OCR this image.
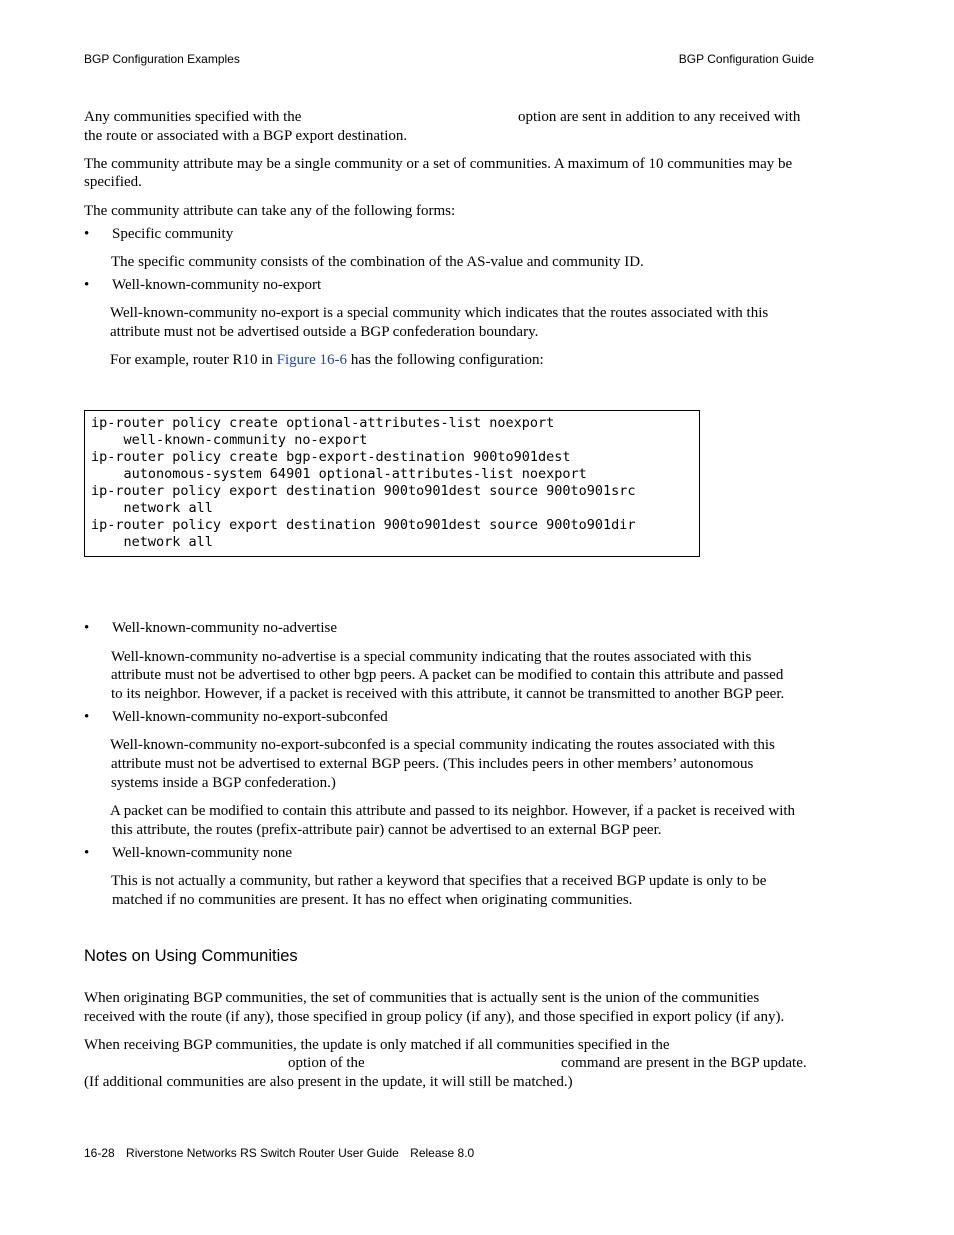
BGP Configuration Examples	BGP Configuration Guide
Any communities specified with the	option are sent in addition to any received with
the route or associated with a BGP export destination.
The community attribute may be a single community or a set of communities. A maximum of 10 communities may be
specified.
The community attribute can take any of the following forms:
• Specific community
The specific community consists of the combination of the AS-value and community ID.
• Well-known-community no-export
Well-known-community no-export is a special community which indicates that the routes associated with this
attribute must not be advertised outside a BGP confederation boundary.
For example, router R10 in Figure 16-6 has the following configuration:
ip-router policy create optional-attributes-list noexport
well-known-community no-export
ip-router policy create bgp-export-destination 900to901dest
autonomous-system 64901 optional-attributes-list noexport
ip-router policy export destination 900to901dest source 900to901src
network all
ip-router policy export destination 900to901dest source 900to901dir
network all
• Well-known-community no-advertise
Well-known-community no-advertise is a special community indicating that the routes associated with this
attribute must not be advertised to other bgp peers. A packet can be modified to contain this attribute and passed
to its neighbor. However, if a packet is received with this attribute, it cannot be transmitted to another BGP peer.
• Well-known-community no-export-subconfed
Well-known-community no-export-subconfed is a special community indicating the routes associated with this
attribute must not be advertised to external BGP peers. (This includes peers in other members’ autonomous
systems inside a BGP confederation.)
A packet can be modified to contain this attribute and passed to its neighbor. However, if a packet is received with
this attribute, the routes (prefix-attribute pair) cannot be advertised to an external BGP peer.
• Well-known-community none
This is not actually a community, but rather a keyword that specifies that a received BGP update is only to be
matched if no communities are present. It has no effect when originating communities.
Notes on Using Communities
When originating BGP communities, the set of communities that is actually sent is the union of the communities
received with the route (if any), those specified in group policy (if any), and those specified in export policy (if any).
When receiving BGP communities, the update is only matched if all communities specified in the
option of the	command are present in the BGP update.
(If additional communities are also present in the update, it will still be matched.)
16-28 Riverstone Networks RS Switch Router User Guide Release 8.0
